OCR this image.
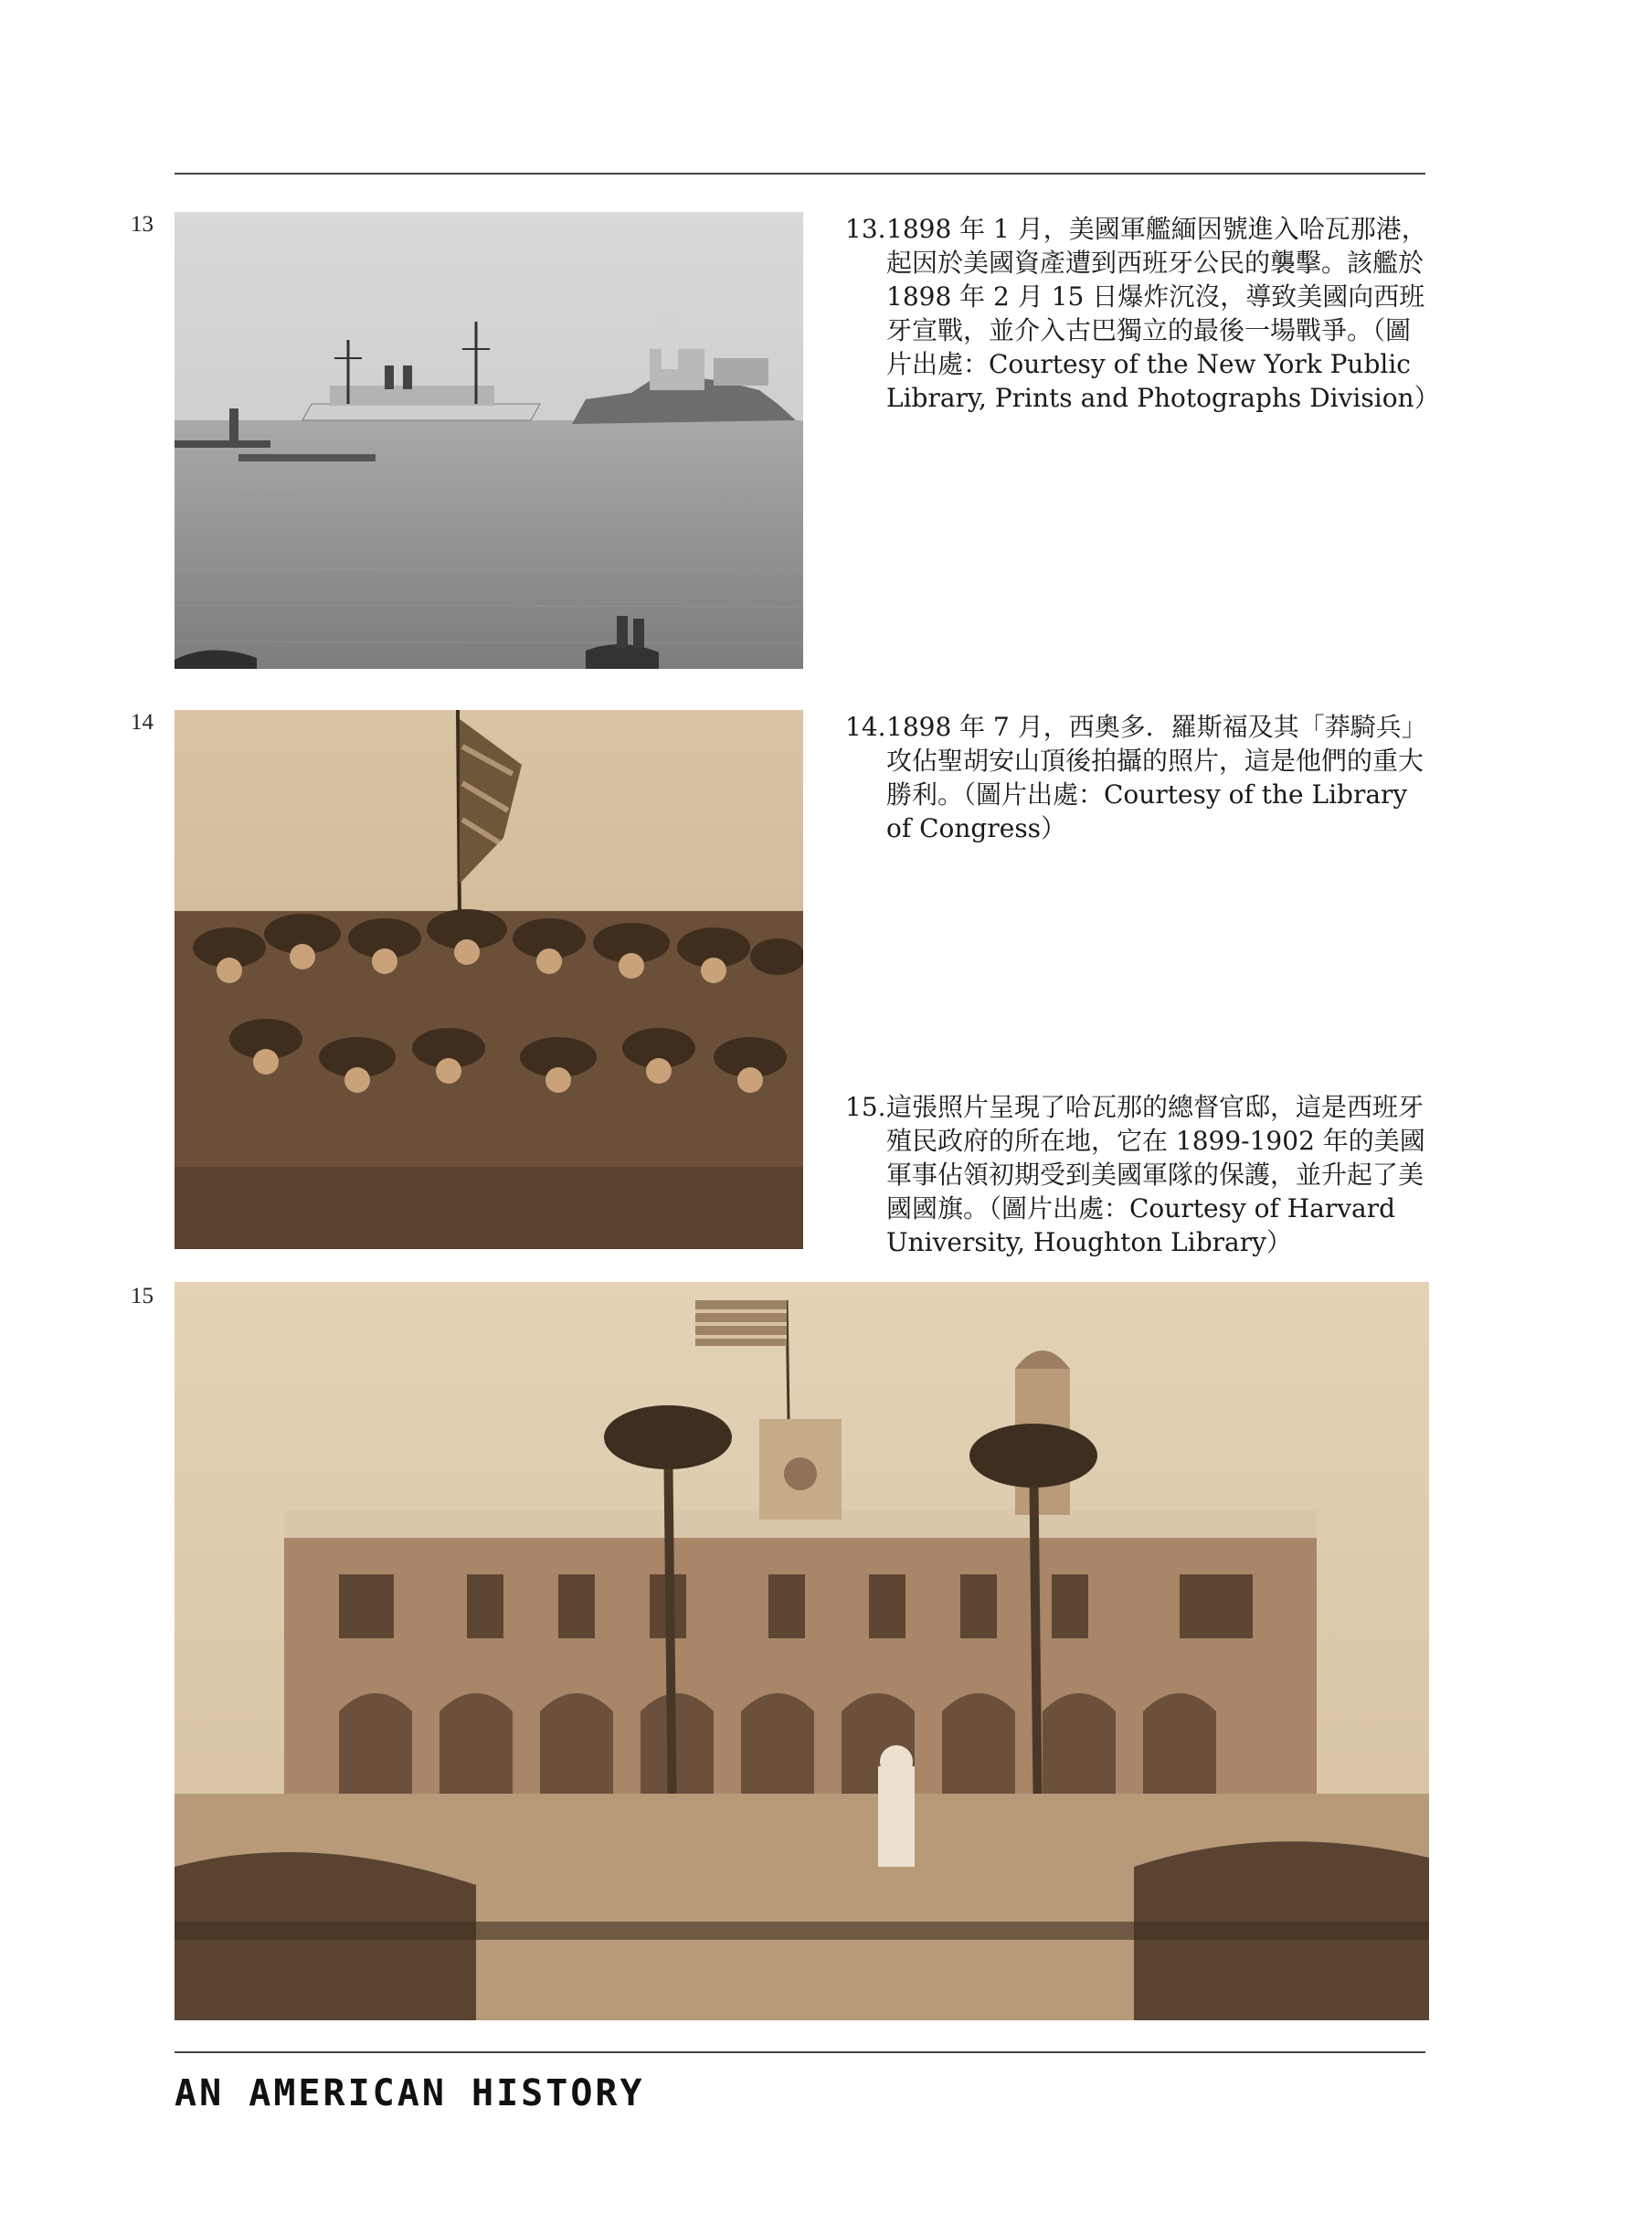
13	13. 1898 年 1 月，美國軍艦緬因號進入哈瓦那港，起因於美國資產遭到西班牙公民的襲擊。該艦於 1898 年 2 月 15 日爆炸沉沒，導致美國向西班牙宣戰，並介入古巴獨立的最後一場戰爭。（圖片出處：Courtesy of the New York Public Library, Prints and Photographs Division）
14	14. 1898 年 7 月，西奧多．羅斯福及其「莽騎兵」攻佔聖胡安山頂後拍攝的照片，這是他們的重大勝利。（圖片出處：Courtesy of the Library of Congress）
15. 這張照片呈現了哈瓦那的總督官邸，這是西班牙殖民政府的所在地，它在 1899-1902 年的美國軍事佔領初期受到美國軍隊的保護，並升起了美國國旗。（圖片出處：Courtesy of Harvard University, Houghton Library）
15
AN AMERICAN HISTORY
